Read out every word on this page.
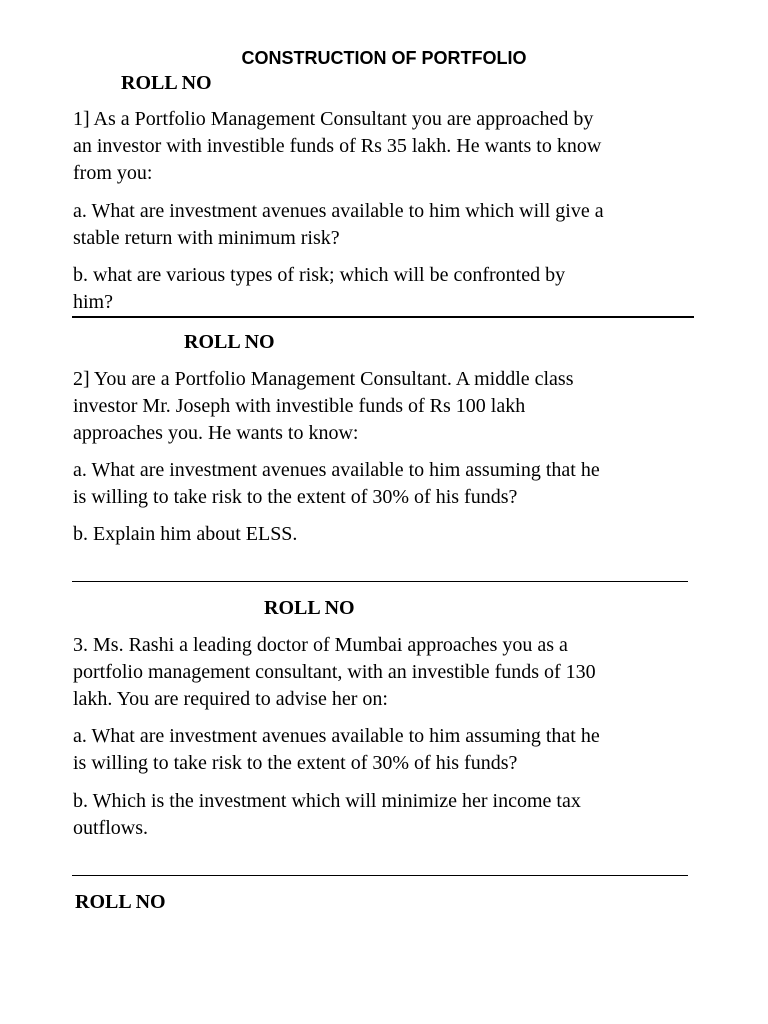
CONSTRUCTION OF PORTFOLIO
ROLL NO
1] As a Portfolio Management Consultant you are approached by
an investor with investible funds of Rs 35 lakh. He wants to know
from you:
a. What are investment avenues available to him which will give a
stable return with minimum risk?
b. what are various types of risk; which will be confronted by
him?
ROLL NO
2] You are a Portfolio Management Consultant. A middle class
investor Mr. Joseph with investible funds of Rs 100 lakh
approaches you. He wants to know:
a. What are investment avenues available to him assuming that he
is willing to take risk to the extent of 30% of his funds?
b. Explain him about ELSS.
ROLL NO
3. Ms. Rashi a leading doctor of Mumbai approaches you as a
portfolio management consultant, with an investible funds of 130
lakh. You are required to advise her on:
a. What are investment avenues available to him assuming that he
is willing to take risk to the extent of 30% of his funds?
b. Which is the investment which will minimize her income tax
outflows.
ROLL NO
